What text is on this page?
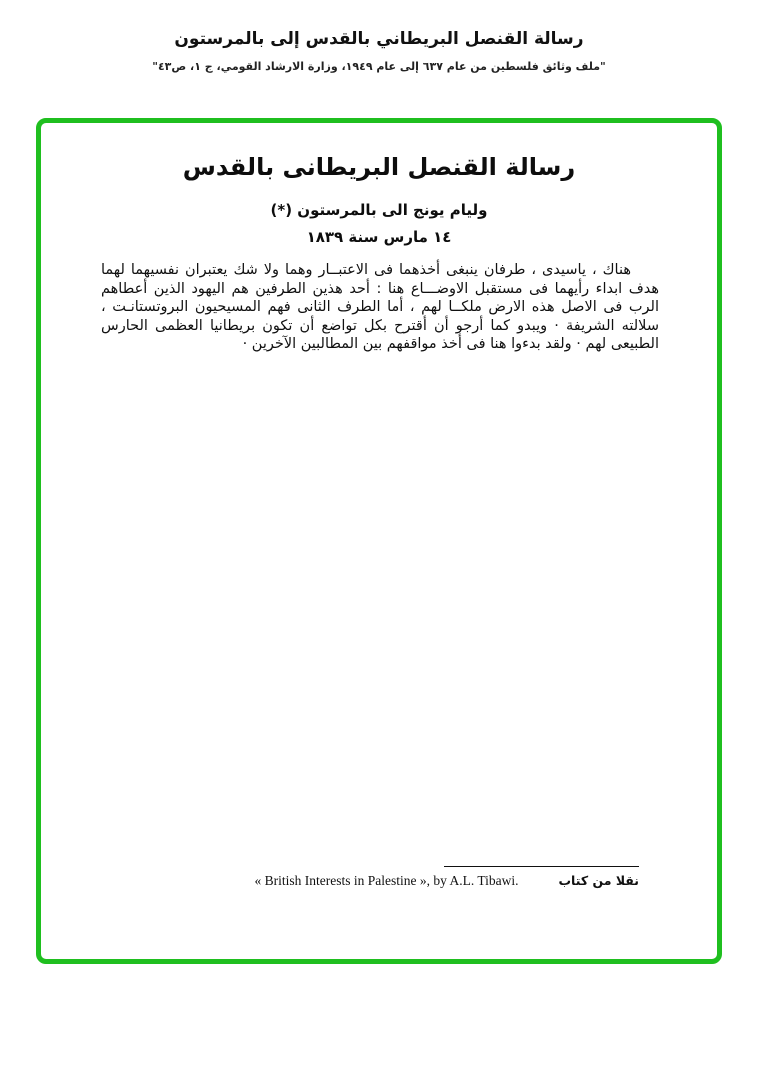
رسالة القنصل البريطاني بالقدس إلى بالمرستون
"ملف وثائق فلسطين من عام ٦٣٧ إلى عام ١٩٤٩، وزارة الارشاد القومي، ج ١، ص٤٣"
رسالة القنصل البريطانى بالقدس
وليام يونج الى بالمرستون (*)
١٤ مارس سنة ١٨٣٩
هناك ، ياسيدى ، طرفان ينبغى أخذهما فى الاعتبــار وهما ولا شك يعتبران نفسيهما لهما هدف ابداء رأيهما فى مستقبل الاوضـــاع هنا : أحد هذين الطرفين هم اليهود الذين أعطاهم الرب فى الاصل هذه الارض ملكــا لهم ، أما الطرف الثانى فهم المسيحيون البروتستانـت ، سلالته الشريفة · ويبدو كما أرجو أن أقترح بكل تواضع أن تكون بريطانيا العظمى الحارس الطبيعى لهم · ولقد بدءوا هنا فى أخذ مواقفهم بين المطالبين الآخرين ·
نقلا من كتاب
« British Interests in Palestine », by A.L. Tibawi.
